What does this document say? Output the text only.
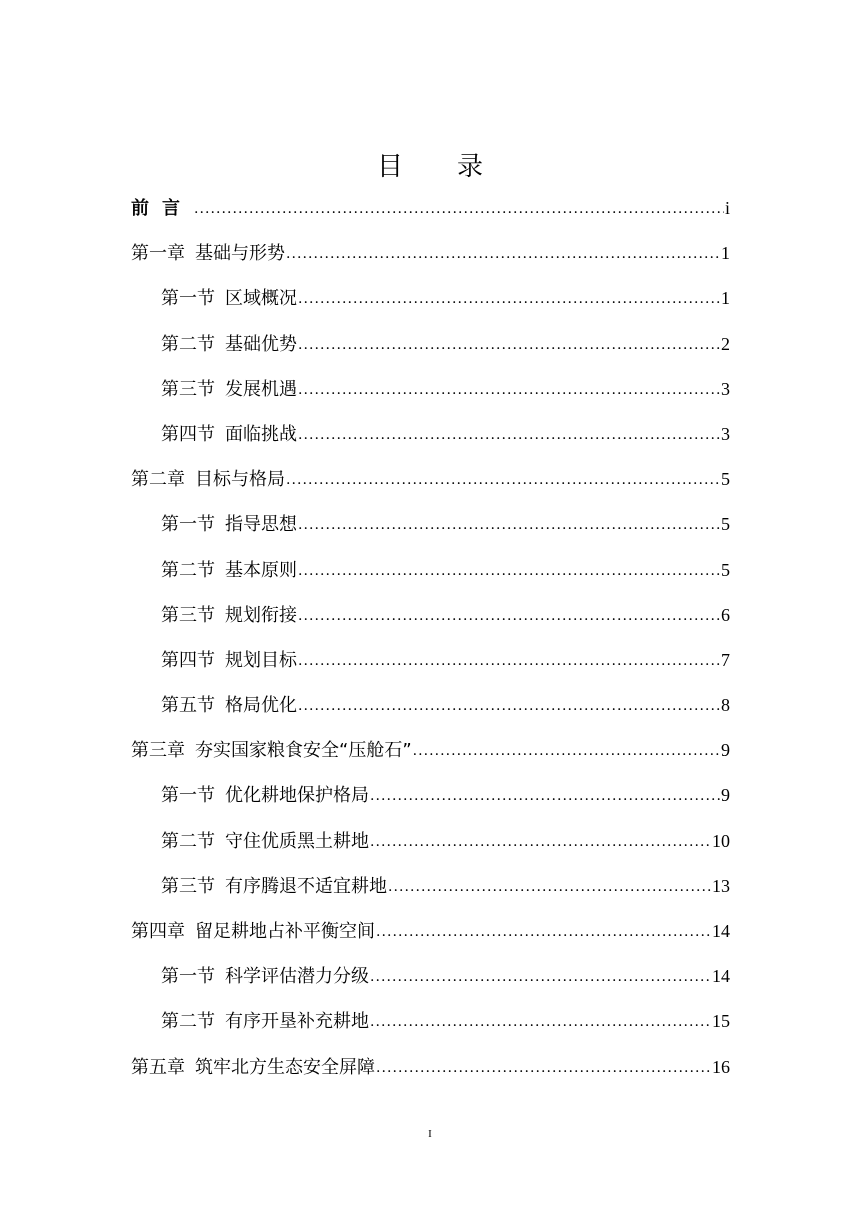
目　录
前言 .....	i
第一章 基础与形势 .....	1
第一节 区域概况 .....	1
第二节 基础优势 .....	2
第三节 发展机遇 .....	3
第四节 面临挑战 .....	3
第二章 目标与格局 .....	5
第一节 指导思想 .....	5
第二节 基本原则 .....	5
第三节 规划衔接 .....	6
第四节 规划目标 .....	7
第五节 格局优化 .....	8
第三章 夯实国家粮食安全“压舱石” .....	9
第一节 优化耕地保护格局 .....	9
第二节 守住优质黑土耕地 .....	10
第三节 有序腾退不适宜耕地 .....	13
第四章 留足耕地占补平衡空间 .....	14
第一节 科学评估潜力分级 .....	14
第二节 有序开垦补充耕地 .....	15
第五章 筑牢北方生态安全屏障 .....	16
I
